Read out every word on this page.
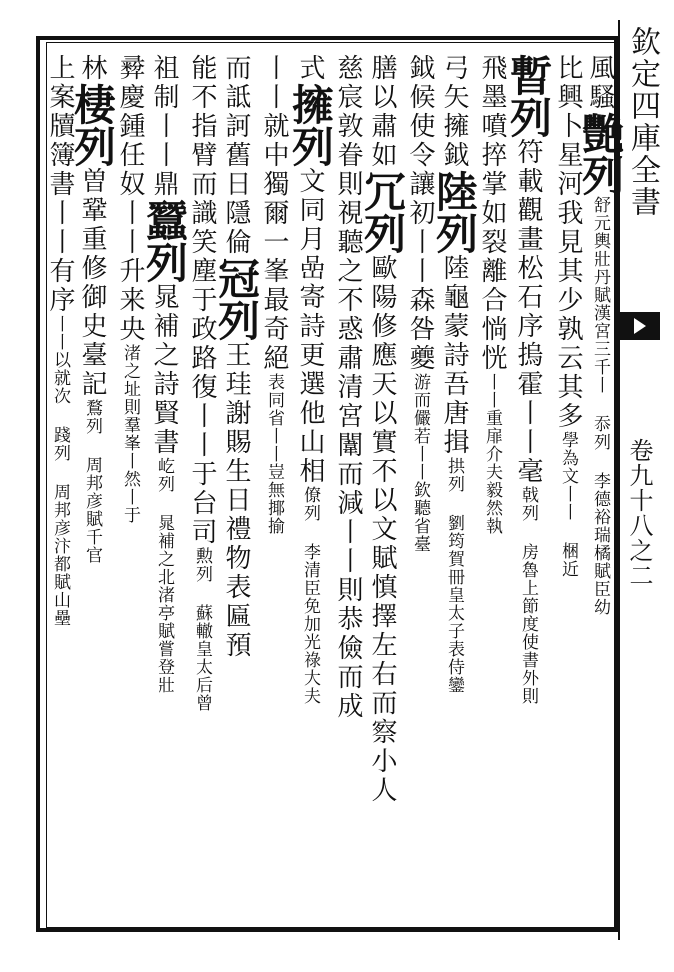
欽定四庫全書
卷九十八之二
風騷艷列舒元輿壯丹賦漢宮三千丨 忝列 李德裕瑞橘賦臣幼
比興卜星河我見其少孰云其多學為文丨丨 梱近
暫列符載觀畫松石序摀霍丨丨毫戟列 房魯上節度使書外則
飛墨噴捽掌如裂離合惝恍丨丨重扉介夫毅然執
弓矢擁鉞陸列陸龜蒙詩吾唐揖拱列 劉筠賀冊皇太子表侍鑾
鉞候使令讓初丨丨森咎夔游而儼若丨丨欽聽省臺
膳以肅如冗列歐陽修應天以實不以文賦慎擇左右而察小人
慈宸敦眷則視聽之不惑肅清宮闈而減丨丨則恭儉而成
式擁列文同月嵒寄詩更選他山相僚列 李清臣免加光祿大夫
丨丨就中獨爾一峯最奇絕表同省丨丨豈無揶揄
而詆訶舊日隱倫冠列王珪謝賜生日禮物表匾預
能不指臂而識笑塵于政路復丨丨于台司勲列 蘇轍皇太后曾
祖制丨丨鼎蠶列晁補之詩賢書屹列 晁補之北渚亭賦嘗登壯
彛慶鍾任奴丨丨升来央渚之址則羣峯丨然丨于
林棲列曽鞏重修御史臺記鶩列 周邦彦賦千官
上案牘簿書丨丨有序丨丨以就次 踐列 周邦彦汴都賦山壘
